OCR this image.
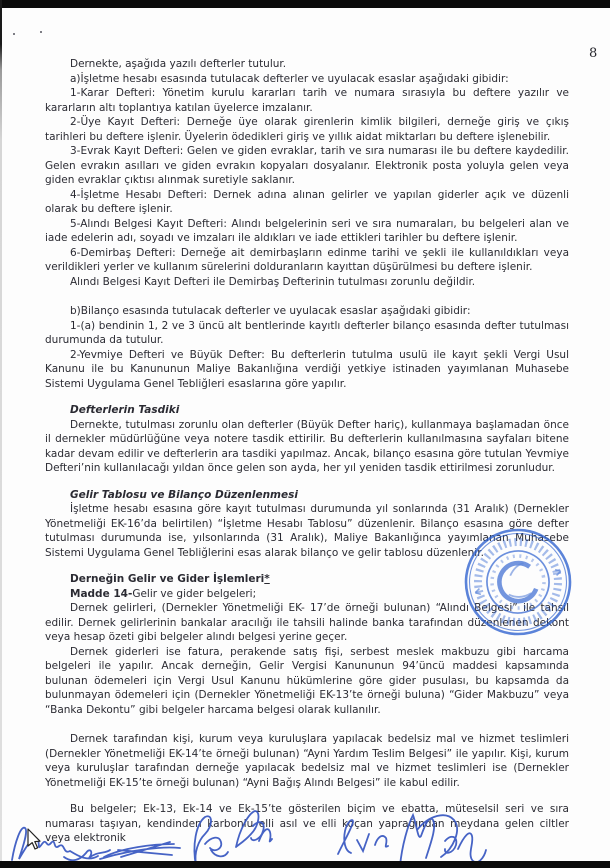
8

Dernekte, aşağıda yazılı defterler tutulur.

a)İşletme hesabı esasında tutulacak defterler ve uyulacak esaslar aşağıdaki gibidir:

1-Karar Defteri: Yönetim kurulu kararları tarih ve numara sırasıyla bu deftere yazılır ve kararların altı toplantıya katılan üyelerce imzalanır.

2-Üye Kayıt Defteri: Derneğe üye olarak girenlerin kimlik bilgileri, derneğe giriş ve çıkış tarihleri bu deftere işlenir. Üyelerin ödedikleri giriş ve yıllık aidat miktarları bu deftere işlenebilir.

3-Evrak Kayıt Defteri: Gelen ve giden evraklar, tarih ve sıra numarası ile bu deftere kaydedilir. Gelen evrakın asılları ve giden evrakın kopyaları dosyalanır. Elektronik posta yoluyla gelen veya giden evraklar çıktısı alınmak suretiyle saklanır.

4-İşletme Hesabı Defteri: Dernek adına alınan gelirler ve yapılan giderler açık ve düzenli olarak bu deftere işlenir.

5-Alındı Belgesi Kayıt Defteri: Alındı belgelerinin seri ve sıra numaraları, bu belgeleri alan ve iade edelerin adı, soyadı ve imzaları ile aldıkları ve iade ettikleri tarihler bu deftere işlenir.

6-Demirbaş Defteri: Derneğe ait demirbaşların edinme tarihi ve şekli ile kullanıldıkları veya verildikleri yerler ve kullanım sürelerini dolduranların kayıttan düşürülmesi bu deftere işlenir.

Alındı Belgesi Kayıt Defteri ile Demirbaş Defterinin tutulması zorunlu değildir.

b)Bilanço esasında tutulacak defterler ve uyulacak esaslar aşağıdaki gibidir:

1-(a) bendinin 1, 2 ve 3 üncü alt bentlerinde kayıtlı defterler bilanço esasında defter tutulması durumunda da tutulur.

2-Yevmiye Defteri ve Büyük Defter: Bu defterlerin tutulma usulü ile kayıt şekli Vergi Usul Kanunu ile bu Kanununun Maliye Bakanlığına verdiği yetkiye istinaden yayımlanan Muhasebe Sistemi Uygulama Genel Tebliğleri esaslarına göre yapılır.

Defterlerin Tasdiki

Dernekte, tutulması zorunlu olan defterler (Büyük Defter hariç), kullanmaya başlamadan önce il dernekler müdürlüğüne veya notere tasdik ettirilir. Bu defterlerin kullanılmasına sayfaları bitene kadar devam edilir ve defterlerin ara tasdiki yapılmaz. Ancak, bilanço esasına göre tutulan Yevmiye Defteri’nin kullanılacağı yıldan önce gelen son ayda, her yıl yeniden tasdik ettirilmesi zorunludur.

Gelir Tablosu ve Bilanço Düzenlenmesi

İşletme hesabı esasına göre kayıt tutulması durumunda yıl sonlarında (31 Aralık) (Dernekler Yönetmeliği EK-16’da belirtilen) “İşletme Hesabı Tablosu” düzenlenir. Bilanço esasına göre defter tutulması durumunda ise, yılsonlarında (31 Aralık), Maliye Bakanlığınca yayımlanan Muhasebe Sistemi Uygulama Genel Tebliğlerini esas alarak bilanço ve gelir tablosu düzenlenir.

Derneğin Gelir ve Gider İşlemleri*

Madde 14-Gelir ve gider belgeleri;

Dernek gelirleri, (Dernekler Yönetmeliği EK- 17’de örneği bulunan) “Alındı Belgesi” ile tahsil edilir. Dernek gelirlerinin bankalar aracılığı ile tahsili halinde banka tarafından düzenlenen dekont veya hesap özeti gibi belgeler alındı belgesi yerine geçer.

Dernek giderleri ise fatura, perakende satış fişi, serbest meslek makbuzu gibi harcama belgeleri ile yapılır. Ancak derneğin, Gelir Vergisi Kanununun 94’üncü maddesi kapsamında bulunan ödemeleri için Vergi Usul Kanunu hükümlerine göre gider pusulası, bu kapsamda da bulunmayan ödemeleri için (Dernekler Yönetmeliği EK-13’te örneği buluna) “Gider Makbuzu” veya “Banka Dekontu” gibi belgeler harcama belgesi olarak kullanılır.

Dernek tarafından kişi, kurum veya kuruluşlara yapılacak bedelsiz mal ve hizmet teslimleri (Dernekler Yönetmeliği EK-14’te örneği bulunan) “Ayni Yardım Teslim Belgesi” ile yapılır. Kişi, kurum veya kuruluşlar tarafından derneğe yapılacak bedelsiz mal ve hizmet teslimleri ise (Dernekler Yönetmeliği EK-15’te örneği bulunan) “Ayni Bağış Alındı Belgesi” ile kabul edilir.

Bu belgeler; Ek-13, Ek-14 ve Ek-15’te gösterilen biçim ve ebatta, müteselsil seri ve sıra numarası taşıyan, kendinden karbonlu elli asıl ve elli koçan yaprağından meydana gelen ciltler veya elektronik
